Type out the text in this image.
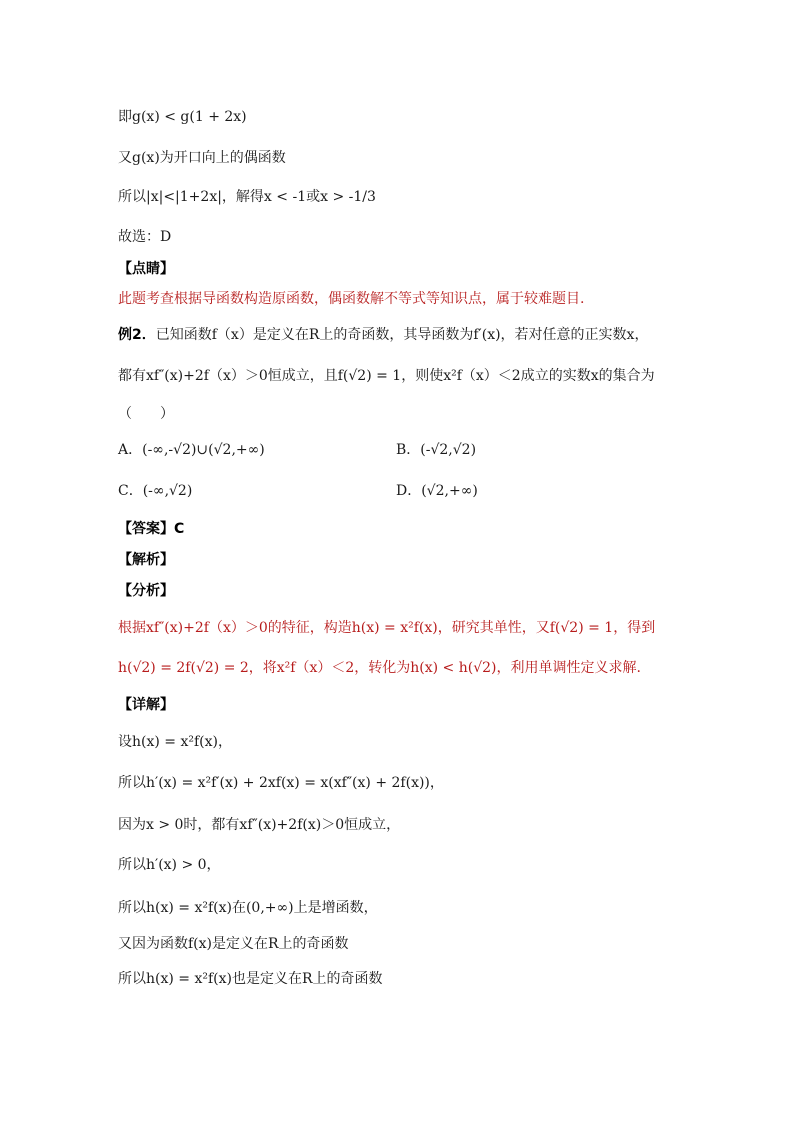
即g(x) < g(1 + 2x)
又g(x)为开口向上的偶函数
所以|x|<|1+2x|，解得x < -1或x > -1/3
故选：D
【点睛】
此题考查根据导函数构造原函数，偶函数解不等式等知识点，属于较难题目.
例2．已知函数f（x）是定义在R上的奇函数，其导函数为f′(x)，若对任意的正实数x，
都有xf″(x)+2f（x）＞0恒成立，且f(√2) = 1，则使x²f（x）＜2成立的实数x的集合为
（　　）
A．(-∞,-√2)∪(√2,+∞)	B．(-√2,√2)
C．(-∞,√2)	D．(√2,+∞)
【答案】C
【解析】
【分析】
根据xf″(x)+2f（x）＞0的特征，构造h(x) = x²f(x)，研究其单性，又f(√2) = 1，得到
h(√2) = 2f(√2) = 2，将x²f（x）＜2，转化为h(x) < h(√2)，利用单调性定义求解.
【详解】
设h(x) = x²f(x)，
所以h′(x) = x²f′(x) + 2xf(x) = x(xf″(x) + 2f(x))，
因为x > 0时，都有xf″(x)+2f(x)＞0恒成立，
所以h′(x) > 0，
所以h(x) = x²f(x)在(0,+∞)上是增函数，
又因为函数f(x)是定义在R上的奇函数
所以h(x) = x²f(x)也是定义在R上的奇函数
